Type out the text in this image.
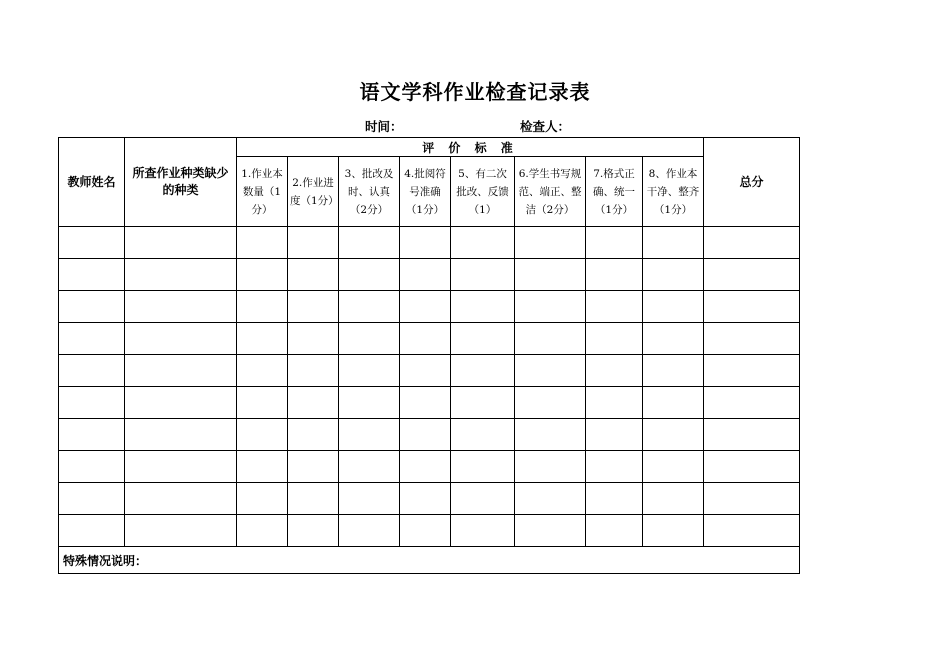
语文学科作业检查记录表
时间：	检查人：
教师姓名	所查作业种类缺少的种类	评 价 标 准								总分
		1.作业本数量（1分）	2.作业进度（1分）	3、批改及时、认真（2分）	4.批阅符号准确（1分）	5、有二次批改、反馈（1）	6.学生书写规范、端正、整洁（2分）	7.格式正确、统一（1分）	8、作业本干净、整齐（1分）	

特殊情况说明：										
